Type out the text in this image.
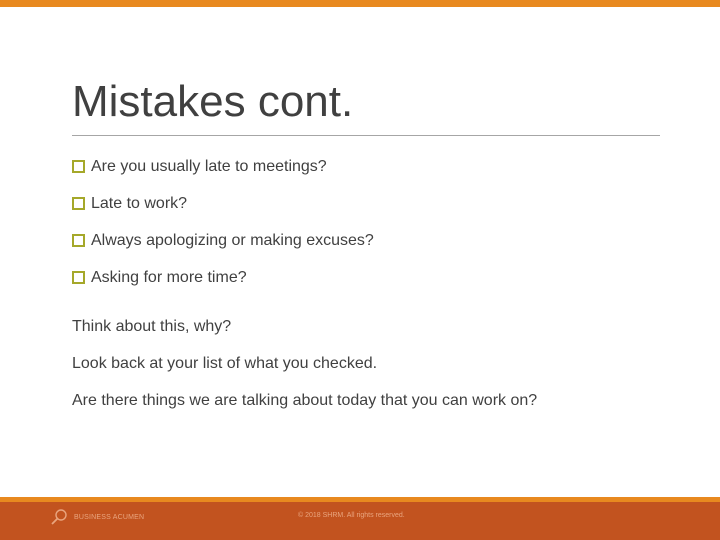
Mistakes cont.
Are you usually late to meetings?
Late to work?
Always apologizing or making excuses?
Asking for more time?
Think about this, why?
Look back at your list of what you checked.
Are there things we are talking about today that you can work on?
BUSINESS ACUMEN	© 2018 SHRM. All rights reserved.
